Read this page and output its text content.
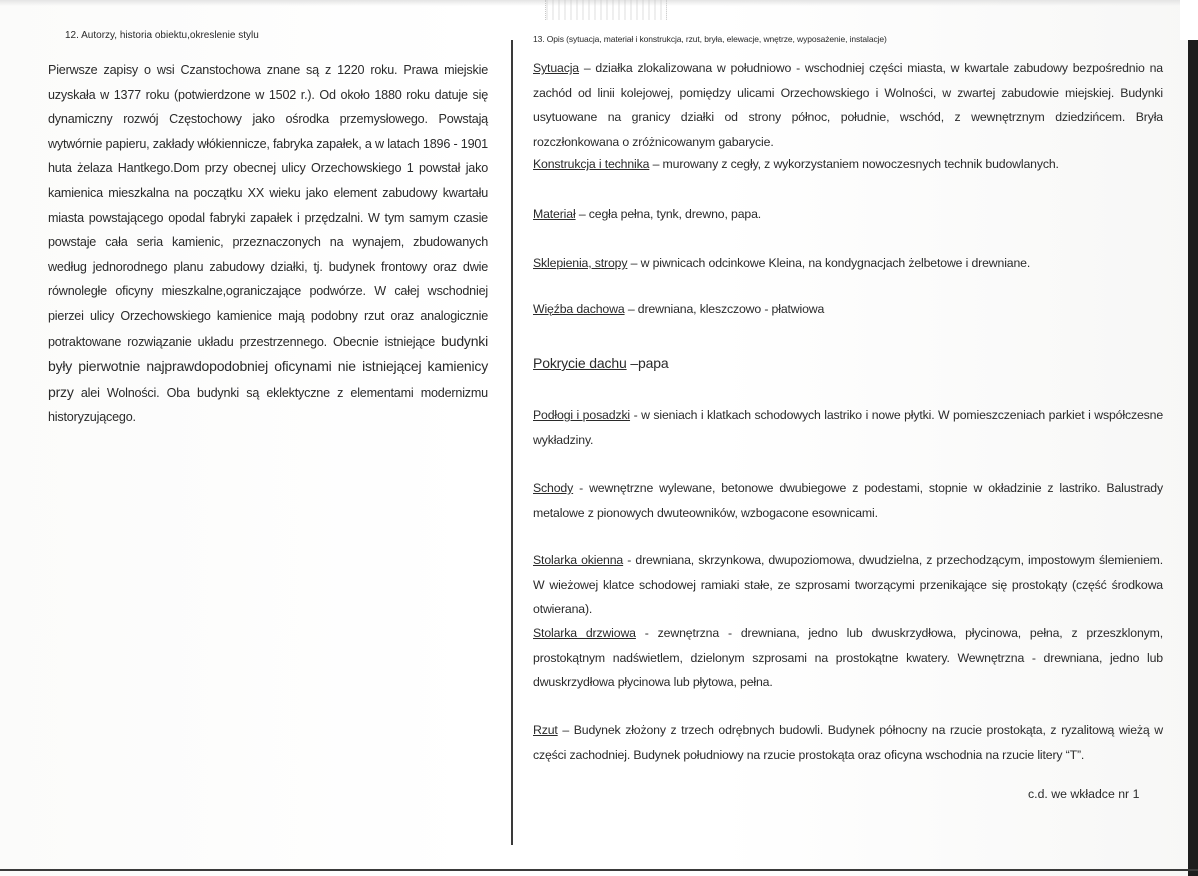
12. Autorzy, historia obiektu,okreslenie stylu
Pierwsze zapisy o wsi Czanstochowa znane są z 1220 roku. Prawa miejskie uzyskała w 1377 roku (potwierdzone w 1502 r.). Od około 1880 roku datuje się dynamiczny rozwój Częstochowy jako ośrodka przemysłowego. Powstają wytwórnie papieru, zakłady włókiennicze, fabryka zapałek, a w latach 1896 - 1901 huta żelaza Hantkego.Dom przy obecnej ulicy Orzechowskiego 1 powstał jako kamienica mieszkalna na początku XX wieku jako element zabudowy kwartału miasta powstającego opodal fabryki zapałek i przędzalni. W tym samym czasie powstaje cała seria kamienic, przeznaczonych na wynajem, zbudowanych według jednorodnego planu zabudowy działki, tj. budynek frontowy oraz dwie równoległe oficyny mieszkalne,ograniczające podwórze. W całej wschodniej pierzei ulicy Orzechowskiego kamienice mają podobny rzut oraz analogicznie potraktowane rozwiązanie układu przestrzennego. Obecnie istniejące budynki były pierwotnie najprawdopodobniej oficynami nie istniejącej kamienicy przy alei Wolności. Oba budynki są eklektyczne z elementami modernizmu historyzującego.
13. Opis (sytuacja, materiał i konstrukcja, rzut, bryła, elewacje, wnętrze, wyposażenie, instalacje)
Sytuacja – działka zlokalizowana w południowo - wschodniej części miasta, w kwartale zabudowy bezpośrednio na zachód od linii kolejowej, pomiędzy ulicami Orzechowskiego i Wolności, w zwartej zabudowie miejskiej. Budynki usytuowane na granicy działki od strony północ, południe, wschód, z wewnętrznym dziedzińcem. Bryła rozczłonkowana o zróżnicowanym gabarycie.
Konstrukcja i technika – murowany z cegły, z wykorzystaniem nowoczesnych technik budowlanych.
Materiał – cegła pełna, tynk, drewno, papa.
Sklepienia, stropy – w piwnicach odcinkowe Kleina, na kondygnacjach żelbetowe i drewniane.
Więźba dachowa – drewniana, kleszczowo - płatwiowa
Pokrycie dachu –papa
Podłogi i posadzki - w sieniach i klatkach schodowych lastriko i nowe płytki. W pomieszczeniach parkiet i współczesne wykładziny.
Schody - wewnętrzne wylewane, betonowe dwubiegowe z podestami, stopnie w okładzinie z lastriko. Balustrady metalowe z pionowych dwuteowników, wzbogacone esownicami.
Stolarka okienna - drewniana, skrzynkowa, dwupoziomowa, dwudzielna, z przechodzącym, impostowym ślemieniem. W wieżowej klatce schodowej ramiaki stałe, ze szprosami tworzącymi przenikające się prostokąty (część środkowa otwierana).
Stolarka drzwiowa - zewnętrzna - drewniana, jedno lub dwuskrzydłowa, płycinowa, pełna, z przeszklonym, prostokątnym nadświetlem, dzielonym szprosami na prostokątne kwatery. Wewnętrzna - drewniana, jedno lub dwuskrzydłowa płycinowa lub płytowa, pełna.
Rzut – Budynek złożony z trzech odrębnych budowli. Budynek północny na rzucie prostokąta, z ryzalitową wieżą w części zachodniej. Budynek południowy na rzucie prostokąta oraz oficyna wschodnia na rzucie litery “T”.
c.d. we wkładce nr 1
